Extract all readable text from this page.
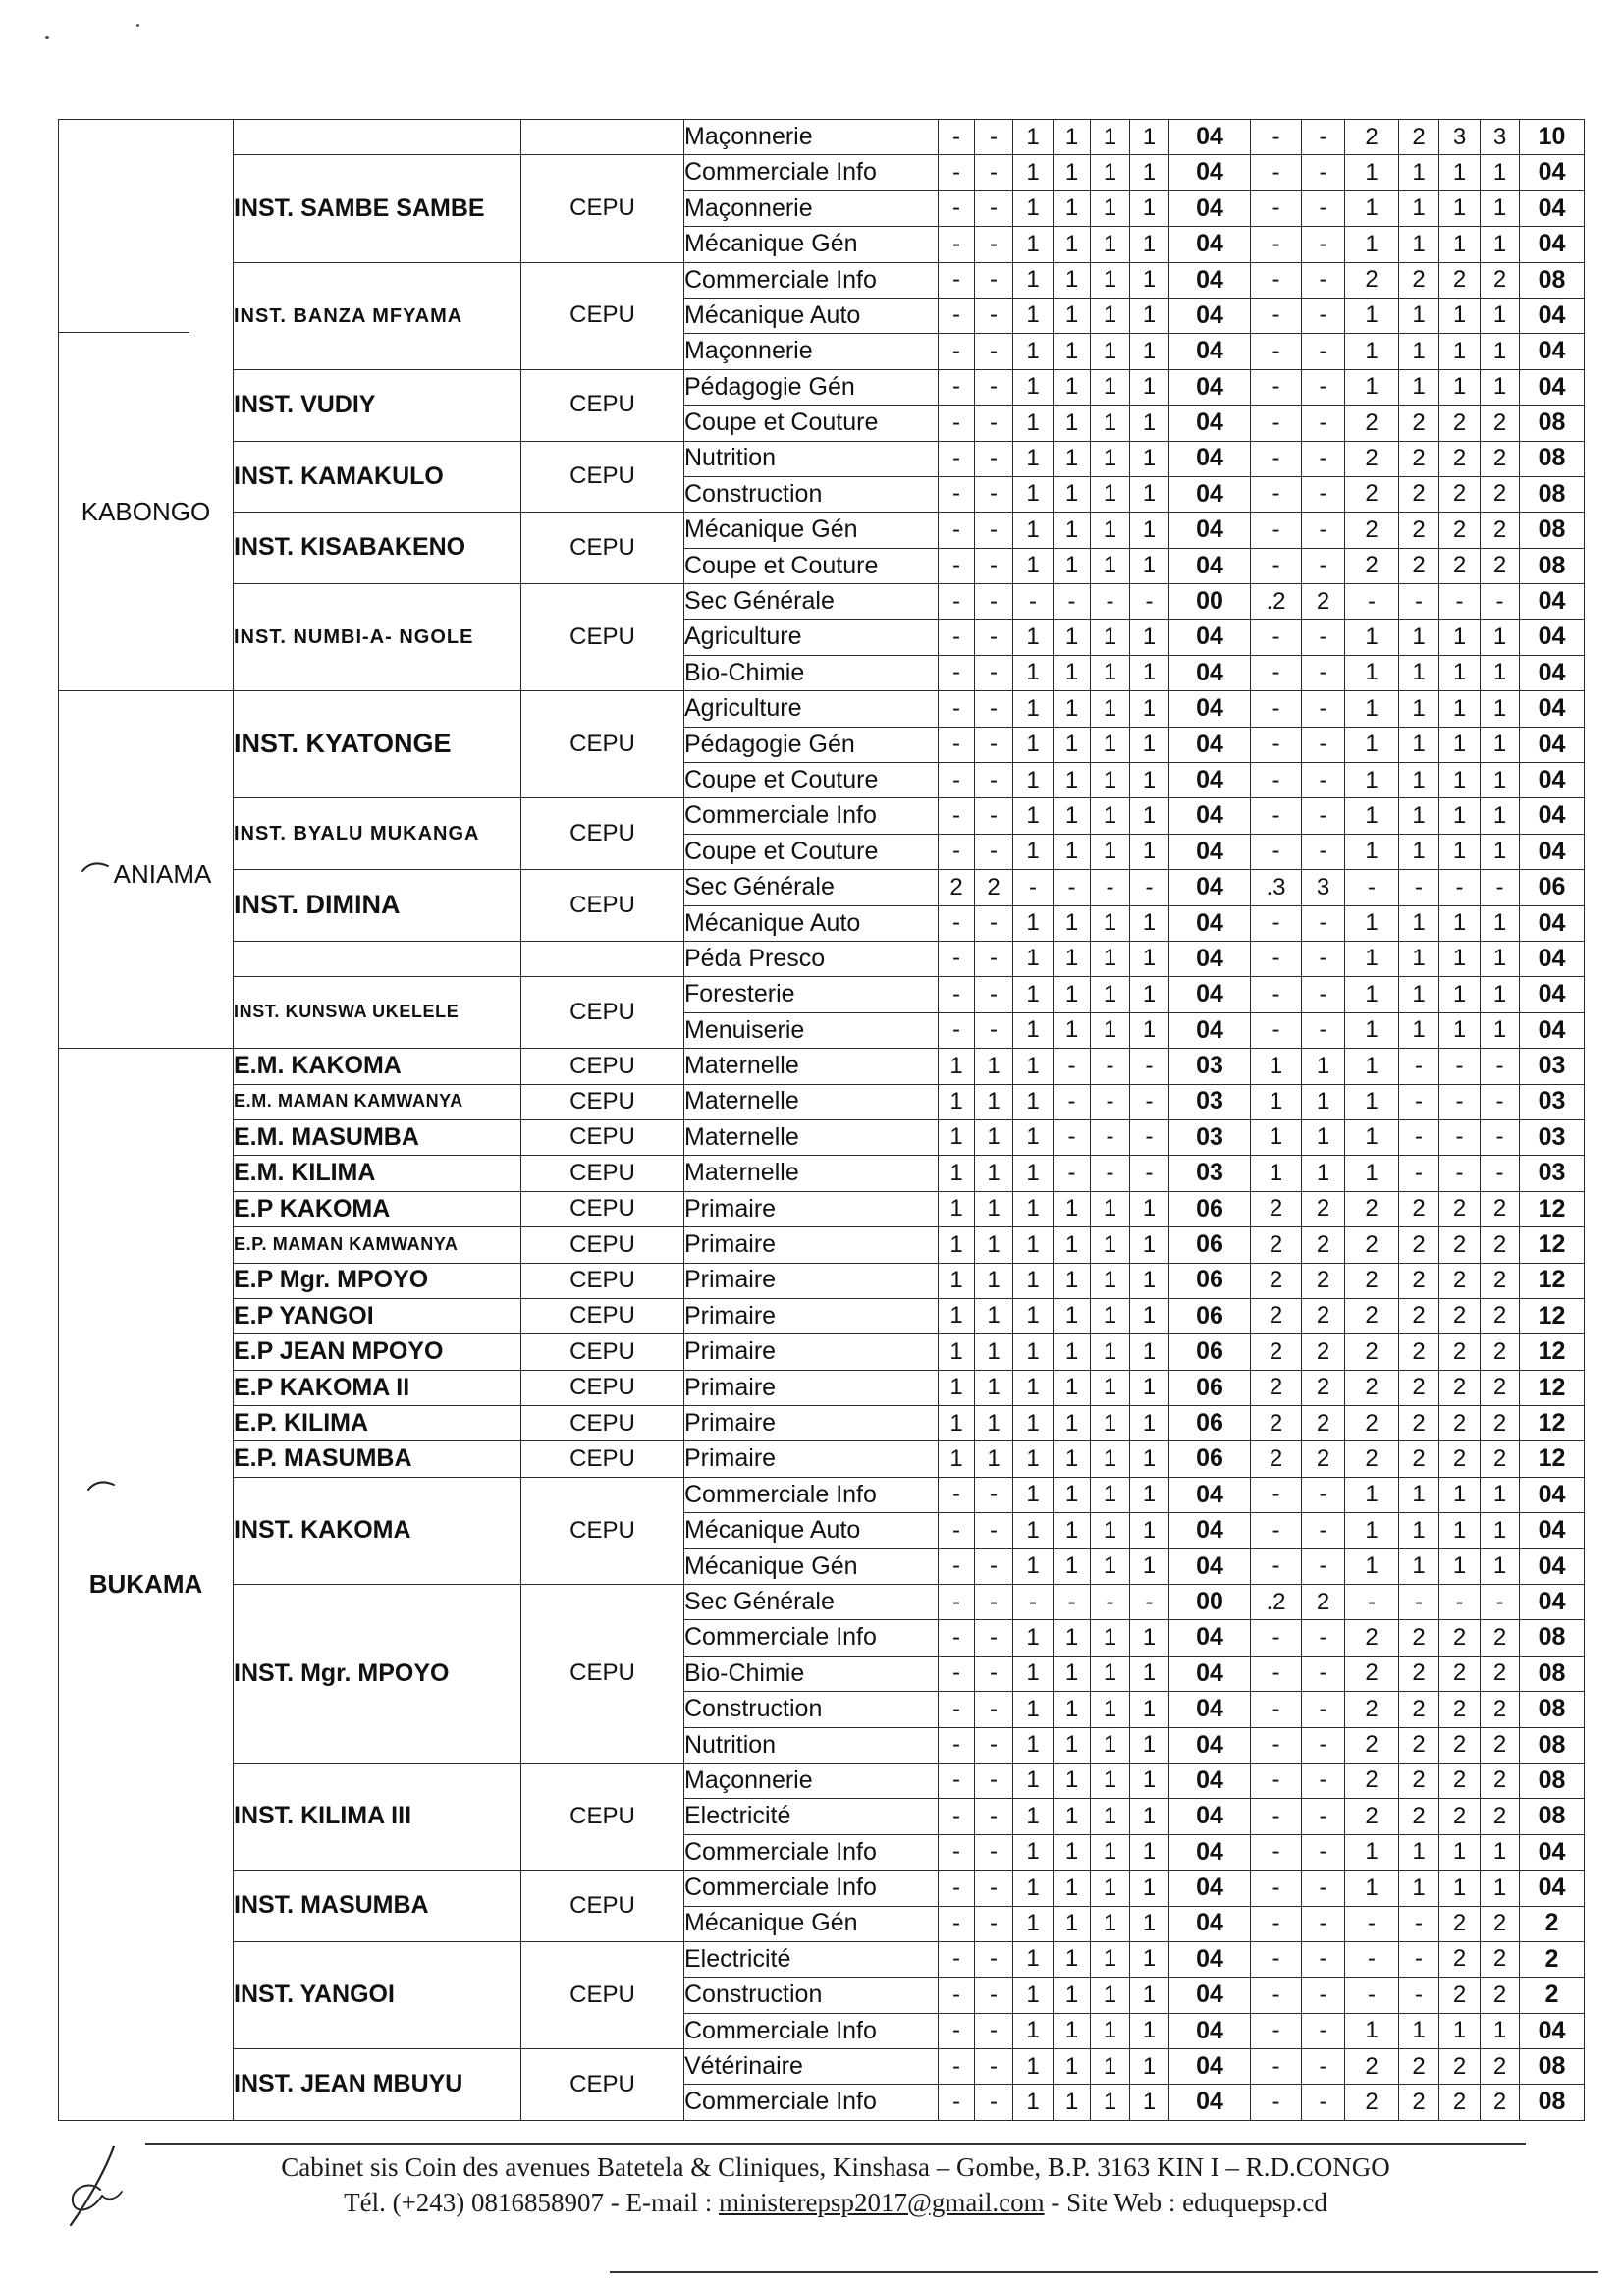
KABONGO			Maçonnerie	-	-	1	1	1	1	04	-	-	2	2	3	3	10
	INST. SAMBE SAMBE	CEPU	Commerciale Info	-	-	1	1	1	1	04	-	-	1	1	1	1	04
			Maçonnerie	-	-	1	1	1	1	04	-	-	1	1	1	1	04
			Mécanique Gén	-	-	1	1	1	1	04	-	-	1	1	1	1	04
	INST. BANZA MFYAMA	CEPU	Commerciale Info	-	-	1	1	1	1	04	-	-	2	2	2	2	08
			Mécanique Auto	-	-	1	1	1	1	04	-	-	1	1	1	1	04
			Maçonnerie	-	-	1	1	1	1	04	-	-	1	1	1	1	04
	INST. VUDIY	CEPU	Pédagogie Gén	-	-	1	1	1	1	04	-	-	1	1	1	1	04
			Coupe et Couture	-	-	1	1	1	1	04	-	-	2	2	2	2	08
	INST. KAMAKULO	CEPU	Nutrition	-	-	1	1	1	1	04	-	-	2	2	2	2	08
			Construction	-	-	1	1	1	1	04	-	-	2	2	2	2	08
	INST. KISABAKENO	CEPU	Mécanique Gén	-	-	1	1	1	1	04	-	-	2	2	2	2	08
			Coupe et Couture	-	-	1	1	1	1	04	-	-	2	2	2	2	08
	INST. NUMBI-A- NGOLE	CEPU	Sec Générale	-	-	-	-	-	-	00	.2	2	-	-	-	-	04
			Agriculture	-	-	1	1	1	1	04	-	-	1	1	1	1	04
			Bio-Chimie	-	-	1	1	1	1	04	-	-	1	1	1	1	04
ANIAMA	INST. KYATONGE	CEPU	Agriculture	-	-	1	1	1	1	04	-	-	1	1	1	1	04
			Pédagogie Gén	-	-	1	1	1	1	04	-	-	1	1	1	1	04
			Coupe et Couture	-	-	1	1	1	1	04	-	-	1	1	1	1	04
	INST. BYALU MUKANGA	CEPU	Commerciale Info	-	-	1	1	1	1	04	-	-	1	1	1	1	04
			Coupe et Couture	-	-	1	1	1	1	04	-	-	1	1	1	1	04
	INST. DIMINA	CEPU	Sec Générale	2	2	-	-	-	-	04	.3	3	-	-	-	-	06
			Mécanique Auto	-	-	1	1	1	1	04	-	-	1	1	1	1	04
			Péda Presco	-	-	1	1	1	1	04	-	-	1	1	1	1	04
	INST. KUNSWA UKELELE	CEPU	Foresterie	-	-	1	1	1	1	04	-	-	1	1	1	1	04
			Menuiserie	-	-	1	1	1	1	04	-	-	1	1	1	1	04

BUKAMA	E.M. KAKOMA	CEPU	Maternelle	1	1	1	-	-	-	03	1	1	1	-	-	-	03
	E.M. MAMAN KAMWANYA	CEPU	Maternelle	1	1	1	-	-	-	03	1	1	1	-	-	-	03
	E.M. MASUMBA	CEPU	Maternelle	1	1	1	-	-	-	03	1	1	1	-	-	-	03
	E.M. KILIMA	CEPU	Maternelle	1	1	1	-	-	-	03	1	1	1	-	-	-	03
	E.P KAKOMA	CEPU	Primaire	1	1	1	1	1	1	06	2	2	2	2	2	2	12
	E.P. MAMAN KAMWANYA	CEPU	Primaire	1	1	1	1	1	1	06	2	2	2	2	2	2	12
	E.P Mgr. MPOYO	CEPU	Primaire	1	1	1	1	1	1	06	2	2	2	2	2	2	12
	E.P YANGOI	CEPU	Primaire	1	1	1	1	1	1	06	2	2	2	2	2	2	12
	E.P JEAN MPOYO	CEPU	Primaire	1	1	1	1	1	1	06	2	2	2	2	2	2	12
	E.P KAKOMA II	CEPU	Primaire	1	1	1	1	1	1	06	2	2	2	2	2	2	12
	E.P. KILIMA	CEPU	Primaire	1	1	1	1	1	1	06	2	2	2	2	2	2	12
	E.P. MASUMBA	CEPU	Primaire	1	1	1	1	1	1	06	2	2	2	2	2	2	12
	INST. KAKOMA	CEPU	Commerciale Info	-	-	1	1	1	1	04	-	-	1	1	1	1	04
			Mécanique Auto	-	-	1	1	1	1	04	-	-	1	1	1	1	04
			Mécanique Gén	-	-	1	1	1	1	04	-	-	1	1	1	1	04
	INST. Mgr. MPOYO	CEPU	Sec Générale	-	-	-	-	-	-	00	.2	2	-	-	-	-	04
			Commerciale Info	-	-	1	1	1	1	04	-	-	2	2	2	2	08
			Bio-Chimie	-	-	1	1	1	1	04	-	-	2	2	2	2	08
			Construction	-	-	1	1	1	1	04	-	-	2	2	2	2	08
			Nutrition	-	-	1	1	1	1	04	-	-	2	2	2	2	08
	INST. KILIMA III	CEPU	Maçonnerie	-	-	1	1	1	1	04	-	-	2	2	2	2	08
			Electricité	-	-	1	1	1	1	04	-	-	2	2	2	2	08
			Commerciale Info	-	-	1	1	1	1	04	-	-	1	1	1	1	04
	INST. MASUMBA	CEPU	Commerciale Info	-	-	1	1	1	1	04	-	-	1	1	1	1	04
			Mécanique Gén	-	-	1	1	1	1	04	-	-	-	-	2	2	2
	INST. YANGOI	CEPU	Electricité	-	-	1	1	1	1	04	-	-	-	-	2	2	2
			Construction	-	-	1	1	1	1	04	-	-	-	-	2	2	2
			Commerciale Info	-	-	1	1	1	1	04	-	-	1	1	1	1	04
	INST. JEAN MBUYU	CEPU	Vétérinaire	-	-	1	1	1	1	04	-	-	2	2	2	2	08
			Commerciale Info	-	-	1	1	1	1	04	-	-	2	2	2	2	08
Cabinet sis Coin des avenues Batetela & Cliniques, Kinshasa – Gombe, B.P. 3163 KIN I – R.D.CONGO
Tél. (+243) 0816858907 - E-mail : ministerepsp2017@gmail.com - Site Web : eduquepsp.cd
